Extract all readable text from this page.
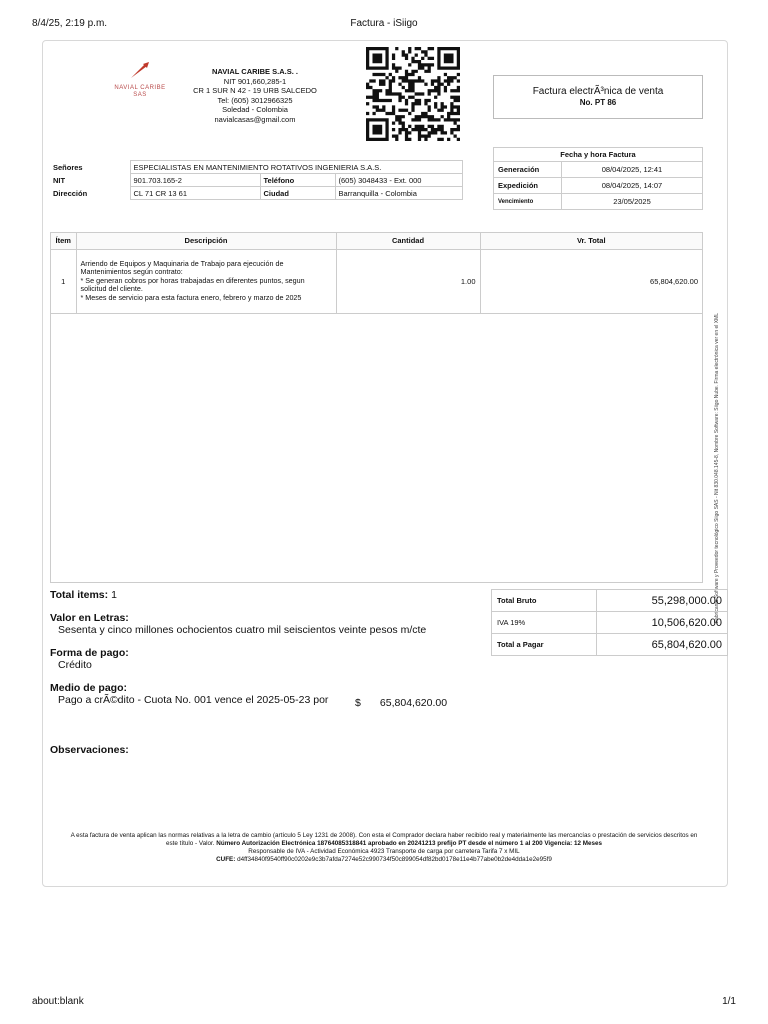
8/4/25, 2:19 p.m.	Factura - iSiigo
NAVIAL CARIBE SAS
NAVIAL CARIBE S.A.S. .
NIT 901,660,285-1
CR 1 SUR N 42 - 19 URB SALCEDO
Tel: (605) 3012966325
Soledad - Colombia
navialcasas@gmail.com
Factura electrÃ³nica de venta
No. PT 86
Señores	ESPECIALISTAS EN MANTENIMIENTO ROTATIVOS INGENIERIA S.A.S.		
NIT	901.703.165-2	Teléfono	(605) 3048433 - Ext. 000
Dirección	CL 71 CR 13 61	Ciudad	Barranquilla - Colombia
Fecha y hora Factura	
Generación	08/04/2025, 12:41
Expedición	08/04/2025, 14:07
Vencimiento	23/05/2025
Ítem	Descripción	Cantidad	Vr. Total
1	Arriendo de Equipos y Maquinaria de Trabajo para ejecución de Mantenimientos según contrato:
* Se generan cobros por horas trabajadas en diferentes puntos, segun solicitud del cliente.
* Meses de servicio para esta factura enero, febrero y marzo de 2025	1.00	65,804,620.00
Fabricante Software y Proveedor tecnológico Siigo SAS - Nit 830.048.145-8, Nombre Software: Siigo Nube. Firma electrónica ver en el XML
Total items: 1
Valor en Letras:
Sesenta y cinco millones ochocientos cuatro mil seiscientos veinte pesos m/cte
Forma de pago:
Crédito
Medio de pago:
Pago a crÃ©dito - Cuota No. 001 vence el 2025-05-23 por	$ 65,804,620.00
Observaciones:
Total Bruto	55,298,000.00
IVA 19%	10,506,620.00
Total a Pagar	65,804,620.00
A esta factura de venta aplican las normas relativas a la letra de cambio (artículo 5 Ley 1231 de 2008). Con esta el Comprador declara haber recibido real y materialmente las mercancías o prestación de servicios descritos en este título - Valor. Número Autorización Electrónica 18764085318841 aprobado en 20241213 prefijo PT desde el número 1 al 200 Vigencia: 12 Meses
Responsable de IVA - Actividad Económica 4923 Transporte de carga por carretera Tarifa 7 x MIL
CUFE: d4ff34840f9540ff90c0202e9c3b7afda7274e52c990734f50c899054df82bd0178e11e4b77abe0b2de4dda1e2e95f9
about:blank	1/1
